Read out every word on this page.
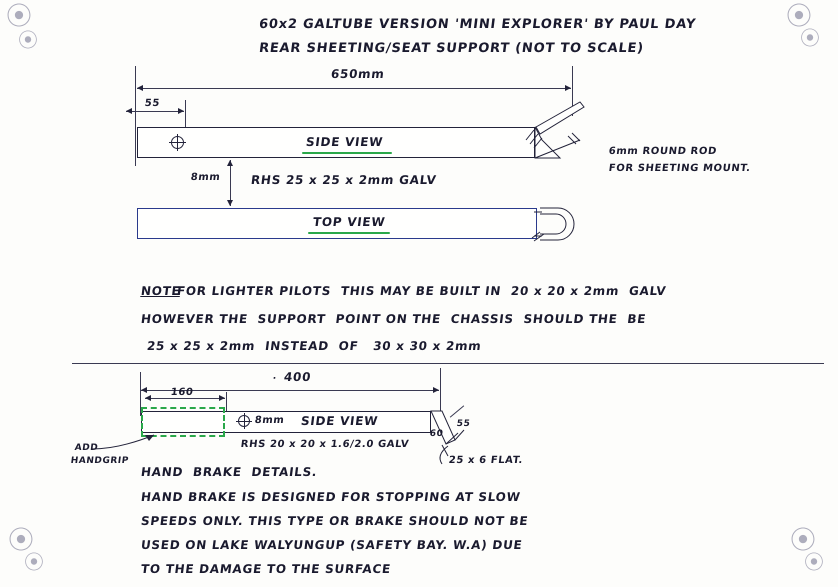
⦿
⦿
⦿
⦿
⦿
⦿
⦿
⦿
60x2 GALTUBE VERSION 'MINI EXPLORER' BY PAUL DAY
REAR SHEETING/SEAT SUPPORT (NOT TO SCALE)
650mm
55
SIDE VIEW
8mm RHS 25 x 25 x 2mm GALV
TOP VIEW
6mm ROUND ROD
FOR SHEETING MOUNT.
NOTE
FOR LIGHTER PILOTS  THIS MAY BE BUILT IN  20 x 20 x 2mm  GALV
HOWEVER THE  SUPPORT  POINT ON THE  CHASSIS  SHOULD THE  BE
25 x 25 x 2mm  INSTEAD  OF   30 x 30 x 2mm
400
·
160
55
60
ADD
HANDGRIP
8mm SIDE VIEW
RHS 20 x 20 x 1.6/2.0 GALV
25 x 6 FLAT.
HAND  BRAKE  DETAILS.
HAND BRAKE IS DESIGNED FOR STOPPING AT SLOW
SPEEDS ONLY. THIS TYPE OR BRAKE SHOULD NOT BE
USED ON LAKE WALYUNGUP (SAFETY BAY. W.A) DUE
TO THE DAMAGE TO THE SURFACE
